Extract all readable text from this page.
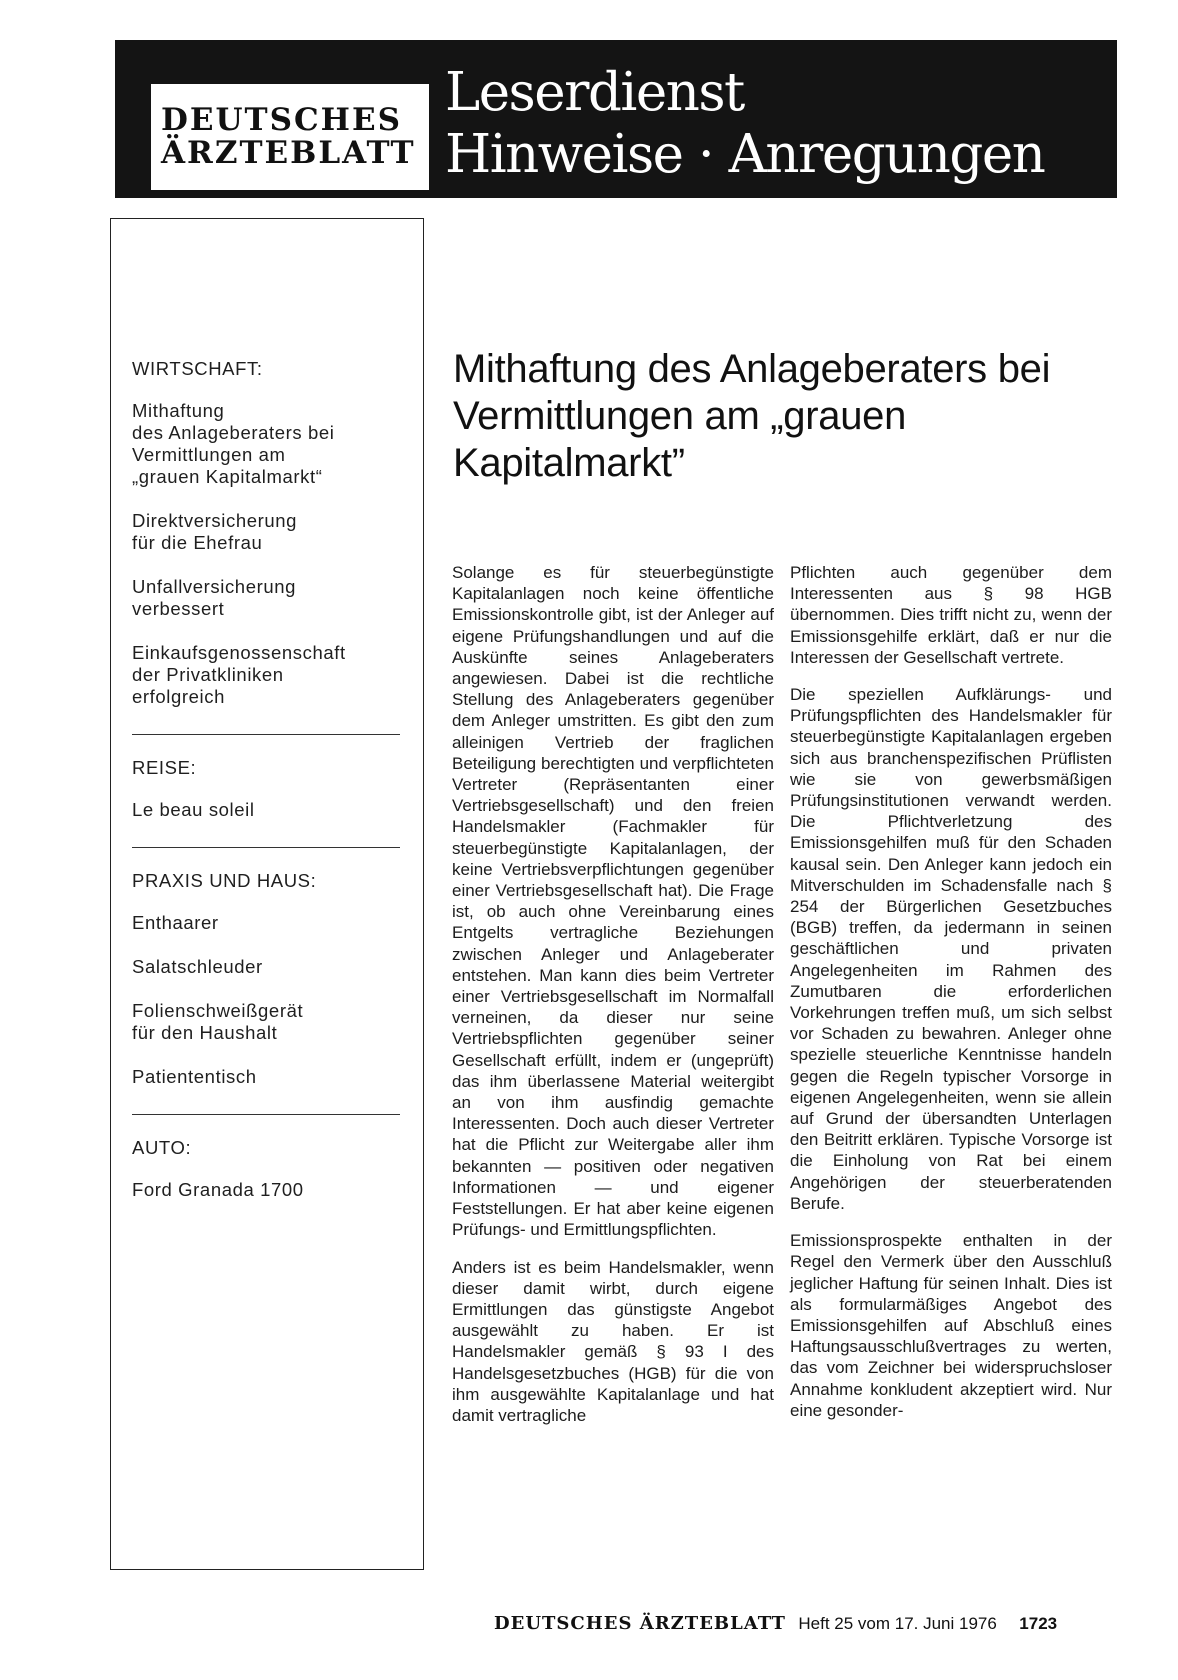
DEUTSCHES
ÄRZTEBLATT
Leserdienst
Hinweise · Anregungen

WIRTSCHAFT:

Mithaftung
des Anlageberaters bei
Vermittlungen am
„grauen Kapitalmarkt“

Direktversicherung
für die Ehefrau

Unfallversicherung
verbessert

Einkaufsgenossenschaft
der Privatkliniken
erfolgreich

REISE:

Le beau soleil

PRAXIS UND HAUS:

Enthaarer

Salatschleuder

Folienschweißgerät
für den Haushalt

Patiententisch

AUTO:

Ford Granada 1700

Mithaftung des Anlageberaters bei Vermittlungen am „grauen Kapitalmarkt”

Solange es für steuerbegünstigte Kapitalanlagen noch keine öffentliche Emissionskontrolle gibt, ist der Anleger auf eigene Prüfungshandlungen und auf die Auskünfte seines Anlageberaters angewiesen. Dabei ist die rechtliche Stellung des Anlageberaters gegenüber dem Anleger umstritten. Es gibt den zum alleinigen Vertrieb der fraglichen Beteiligung berechtigten und verpflichteten Vertreter (Repräsentanten einer Vertriebsgesellschaft) und den freien Handelsmakler (Fachmakler für steuerbegünstigte Kapitalanlagen, der keine Vertriebsverpflichtungen gegenüber einer Vertriebsgesellschaft hat). Die Frage ist, ob auch ohne Vereinbarung eines Entgelts vertragliche Beziehungen zwischen Anleger und Anlageberater entstehen. Man kann dies beim Vertreter einer Vertriebsgesellschaft im Normalfall verneinen, da dieser nur seine Vertriebspflichten gegenüber seiner Gesellschaft erfüllt, indem er (ungeprüft) das ihm überlassene Material weitergibt an von ihm ausfindig gemachte Interessenten. Doch auch dieser Vertreter hat die Pflicht zur Weitergabe aller ihm bekannten — positiven oder negativen Informationen — und eigener Feststellungen. Er hat aber keine eigenen Prüfungs- und Ermittlungspflichten.

Anders ist es beim Handelsmakler, wenn dieser damit wirbt, durch eigene Ermittlungen das günstigste Angebot ausgewählt zu haben. Er ist Handelsmakler gemäß § 93 I des Handelsgesetzbuches (HGB) für die von ihm ausgewählte Kapitalanlage und hat damit vertragliche

Pflichten auch gegenüber dem Interessenten aus § 98 HGB übernommen. Dies trifft nicht zu, wenn der Emissionsgehilfe erklärt, daß er nur die Interessen der Gesellschaft vertrete.

Die speziellen Aufklärungs- und Prüfungspflichten des Handelsmakler für steuerbegünstigte Kapitalanlagen ergeben sich aus branchenspezifischen Prüflisten wie sie von gewerbsmäßigen Prüfungsinstitutionen verwandt werden. Die Pflichtverletzung des Emissionsgehilfen muß für den Schaden kausal sein. Den Anleger kann jedoch ein Mitverschulden im Schadensfalle nach § 254 der Bürgerlichen Gesetzbuches (BGB) treffen, da jedermann in seinen geschäftlichen und privaten Angelegenheiten im Rahmen des Zumutbaren die erforderlichen Vorkehrungen treffen muß, um sich selbst vor Schaden zu bewahren. Anleger ohne spezielle steuerliche Kenntnisse handeln gegen die Regeln typischer Vorsorge in eigenen Angelegenheiten, wenn sie allein auf Grund der übersandten Unterlagen den Beitritt erklären. Typische Vorsorge ist die Einholung von Rat bei einem Angehörigen der steuerberatenden Berufe.

Emissionsprospekte enthalten in der Regel den Vermerk über den Ausschluß jeglicher Haftung für seinen Inhalt. Dies ist als formularmäßiges Angebot des Emissionsgehilfen auf Abschluß eines Haftungsausschlußvertrages zu werten, das vom Zeichner bei widerspruchsloser Annahme konkludent akzeptiert wird. Nur eine gesonder-

DEUTSCHES ÄRZTEBLATT Heft 25 vom 17. Juni 1976 1723
